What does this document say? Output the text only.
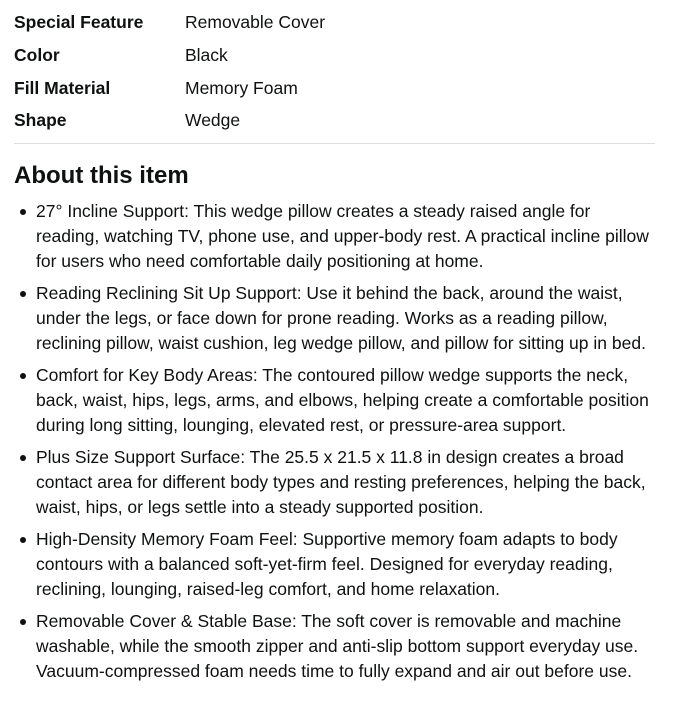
Special Feature	Removable Cover
Color	Black
Fill Material	Memory Foam
Shape	Wedge
About this item
27° Incline Support: This wedge pillow creates a steady raised angle for reading, watching TV, phone use, and upper-body rest. A practical incline pillow for users who need comfortable daily positioning at home.
Reading Reclining Sit Up Support: Use it behind the back, around the waist, under the legs, or face down for prone reading. Works as a reading pillow, reclining pillow, waist cushion, leg wedge pillow, and pillow for sitting up in bed.
Comfort for Key Body Areas: The contoured pillow wedge supports the neck, back, waist, hips, legs, arms, and elbows, helping create a comfortable position during long sitting, lounging, elevated rest, or pressure-area support.
Plus Size Support Surface: The 25.5 x 21.5 x 11.8 in design creates a broad contact area for different body types and resting preferences, helping the back, waist, hips, or legs settle into a steady supported position.
High-Density Memory Foam Feel: Supportive memory foam adapts to body contours with a balanced soft-yet-firm feel. Designed for everyday reading, reclining, lounging, raised-leg comfort, and home relaxation.
Removable Cover & Stable Base: The soft cover is removable and machine washable, while the smooth zipper and anti-slip bottom support everyday use. Vacuum-compressed foam needs time to fully expand and air out before use.
